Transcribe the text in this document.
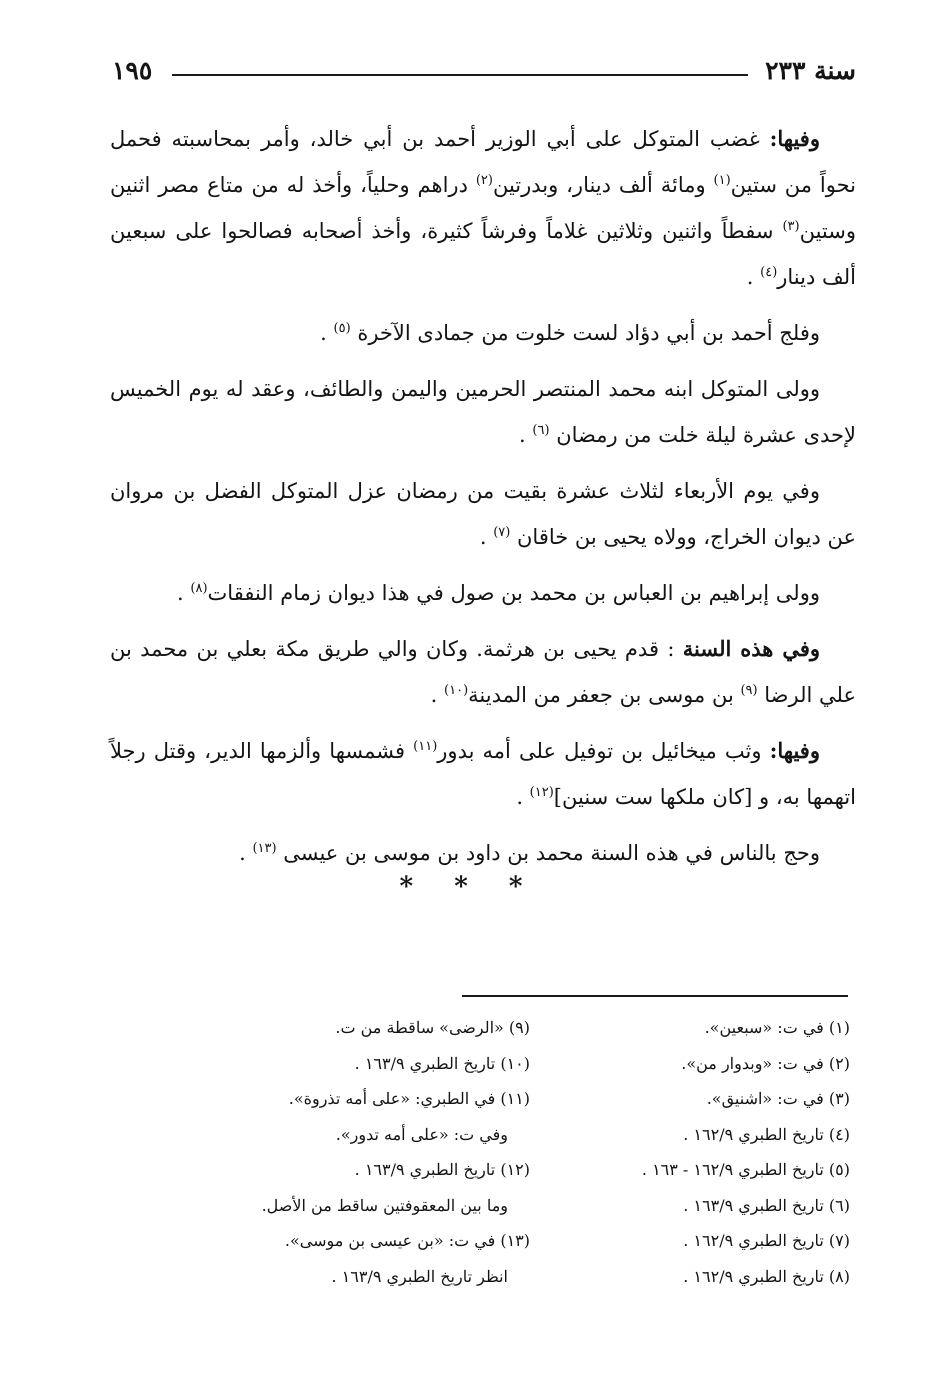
سنة ٢٣٣
١٩٥

وفيها: غضب المتوكل على أبي الوزير أحمد بن أبي خالد، وأمر بمحاسبته فحمل نحواً من ستين$^{(١)}$ ومائة ألف دينار، وبدرتين$^{(٢)}$ دراهم وحلياً، وأخذ له من متاع مصر اثنين وستين$^{(٣)}$ سفطاً واثنين وثلاثين غلاماً وفرشاً كثيرة، وأخذ أصحابه فصالحوا على سبعين ألف دينار$^{(٤)}$ .

وفلج أحمد بن أبي دؤاد لست خلوت من جمادى الآخرة $^{(٥)}$ .

وولى المتوكل ابنه محمد المنتصر الحرمين واليمن والطائف، وعقد له يوم الخميس لإحدى عشرة ليلة خلت من رمضان $^{(٦)}$ .

وفي يوم الأربعاء لثلاث عشرة بقيت من رمضان عزل المتوكل الفضل بن مروان عن ديوان الخراج، وولاه يحيى بن خاقان $^{(٧)}$ .

وولى إبراهيم بن العباس بن محمد بن صول في هذا ديوان زمام النفقات$^{(٨)}$ .

وفي هذه السنة : قدم يحيى بن هرثمة. وكان والي طريق مكة بعلي بن محمد بن علي الرضا $^{(٩)}$ بن موسى بن جعفر من المدينة$^{(١٠)}$ .

وفيها: وثب ميخائيل بن توفيل على أمه بدور$^{(١١)}$ فشمسها وألزمها الدير، وقتل رجلاً اتهمها به، و [كان ملكها ست سنين]$^{(١٢)}$ .

وحج بالناس في هذه السنة محمد بن داود بن موسى بن عيسى $^{(١٣)}$ .

* * *
(١) في ت: «سبعين».
(٢) في ت: «وبدوار من».
(٣) في ت: «اشنيق».
(٤) تاريخ الطبري ١٦٢/٩ .
(٥) تاريخ الطبري ١٦٢/٩ - ١٦٣ .
(٦) تاريخ الطبري ١٦٣/٩ .
(٧) تاريخ الطبري ١٦٢/٩ .
(٨) تاريخ الطبري ١٦٢/٩ .
(٩) «الرضى» ساقطة من ت.
(١٠) تاريخ الطبري ١٦٣/٩ .
(١١) في الطبري: «على أمه تذروة».
وفي ت: «على أمه تدور».
(١٢) تاريخ الطبري ١٦٣/٩ .
وما بين المعقوفتين ساقط من الأصل.
(١٣) في ت: «بن عيسى بن موسى».
انظر تاريخ الطبري ١٦٣/٩ .
